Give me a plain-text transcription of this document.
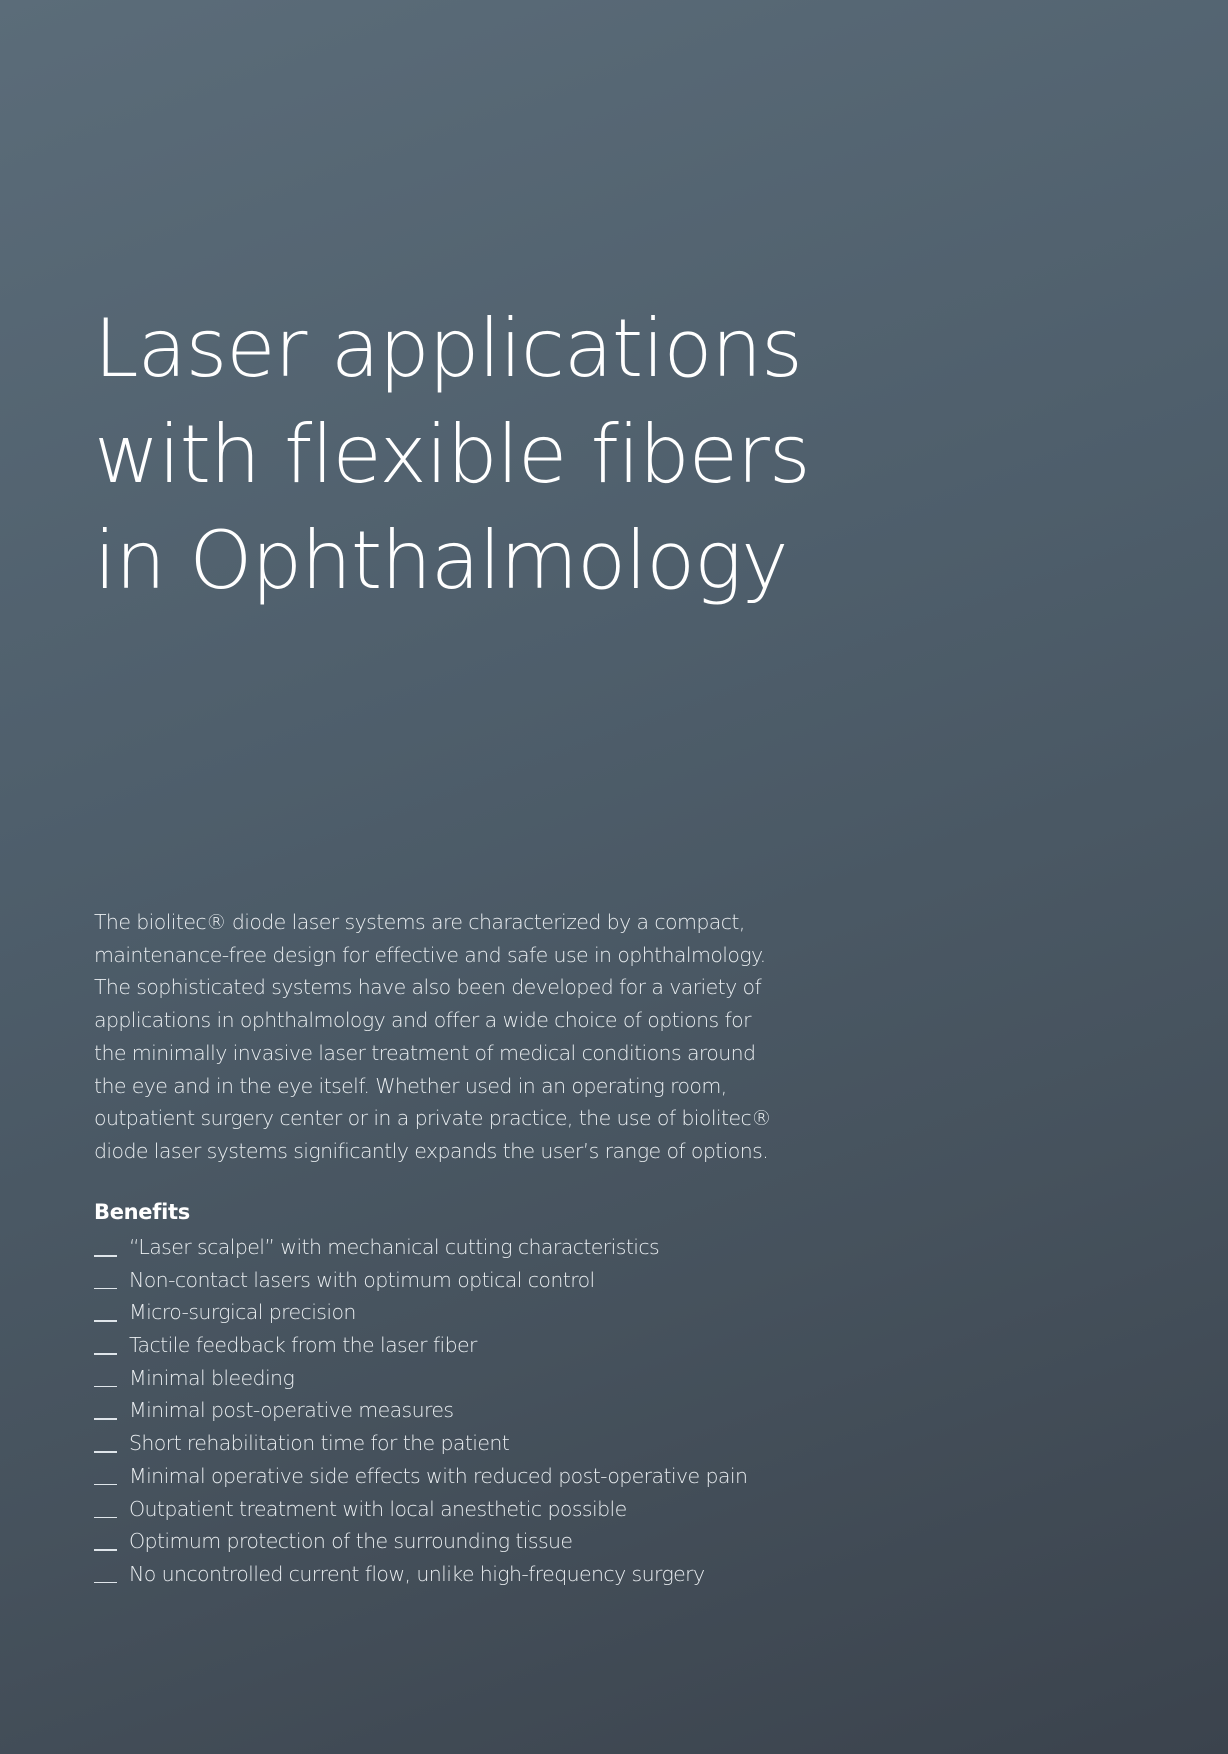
Laser applications
with flexible fibers
in Ophthalmology

The biolitec® diode laser systems are characterized by a compact,
maintenance-free design for effective and safe use in ophthalmology.
The sophisticated systems have also been developed for a variety of
applications in ophthalmology and offer a wide choice of options for
the minimally invasive laser treatment of medical conditions around
the eye and in the eye itself. Whether used in an operating room,
outpatient surgery center or in a private practice, the use of biolitec®
diode laser systems significantly expands the user’s range of options.

Benefits
“Laser scalpel” with mechanical cutting characteristics
Non-contact lasers with optimum optical control
Micro-surgical precision
Tactile feedback from the laser fiber
Minimal bleeding
Minimal post-operative measures
Short rehabilitation time for the patient
Minimal operative side effects with reduced post-operative pain
Outpatient treatment with local anesthetic possible
Optimum protection of the surrounding tissue
No uncontrolled current flow, unlike high-frequency surgery
